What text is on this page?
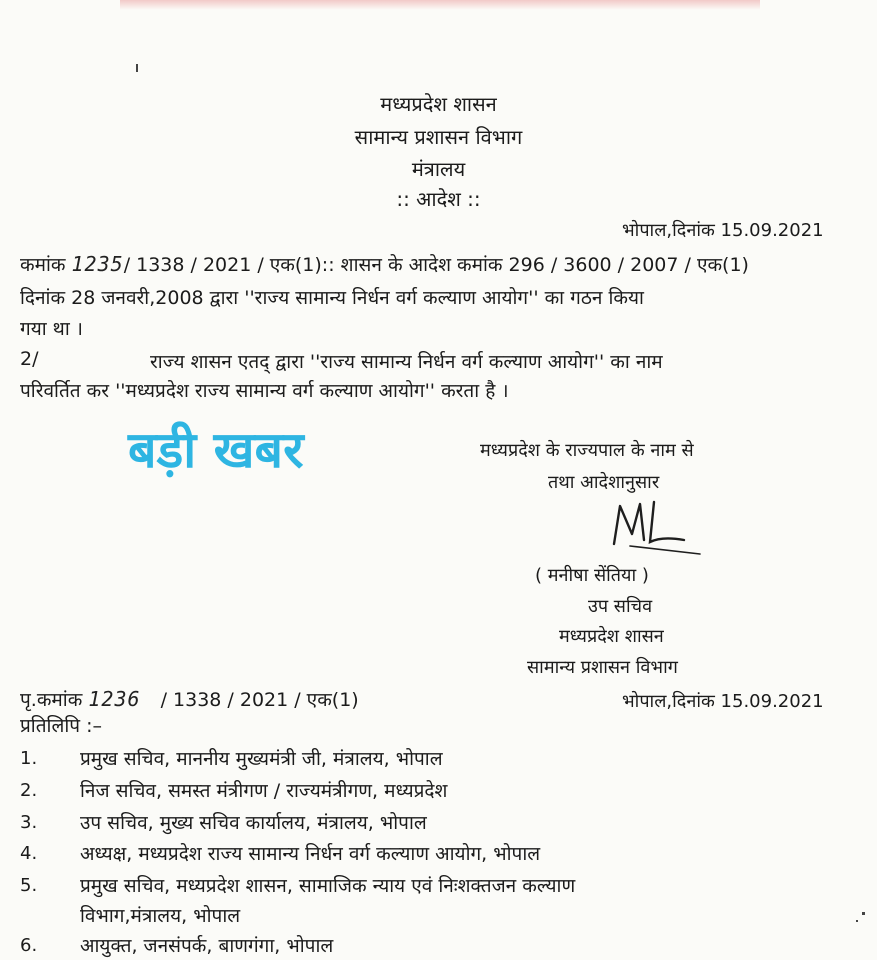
मध्यप्रदेश शासन
सामान्य प्रशासन विभाग
मंत्रालय
:: आदेश ::
भोपाल,दिनांक 15.09.2021
कमांक 1235/ 1338 / 2021 / एक(1):: शासन के आदेश कमांक 296 / 3600 / 2007 / एक(1)
दिनांक 28 जनवरी,2008 द्वारा ''राज्य सामान्य निर्धन वर्ग कल्याण आयोग'' का गठन किया
गया था ।
2/	राज्य शासन एतद् द्वारा ''राज्य सामान्य निर्धन वर्ग कल्याण आयोग'' का नाम
परिवर्तित कर ''मध्यप्रदेश राज्य सामान्य वर्ग कल्याण आयोग'' करता है ।
बड़ी खबर	मध्यप्रदेश के राज्यपाल के नाम से
तथा आदेशानुसार
( मनीषा सेंतिया )
उप सचिव
मध्यप्रदेश शासन
सामान्य प्रशासन विभाग
पृ.कमांक 1236 / 1338 / 2021 / एक(1)	भोपाल,दिनांक 15.09.2021
प्रतिलिपि :–
1. प्रमुख सचिव, माननीय मुख्यमंत्री जी, मंत्रालय, भोपाल
2. निज सचिव, समस्त मंत्रीगण / राज्यमंत्रीगण, मध्यप्रदेश
3. उप सचिव, मुख्य सचिव कार्यालय, मंत्रालय, भोपाल
4. अध्यक्ष, मध्यप्रदेश राज्य सामान्य निर्धन वर्ग कल्याण आयोग, भोपाल
5. प्रमुख सचिव, मध्यप्रदेश शासन, सामाजिक न्याय एवं निःशक्तजन कल्याण
विभाग,मंत्रालय, भोपाल
6. आयुक्त, जनसंपर्क, बाणगंगा, भोपाल
